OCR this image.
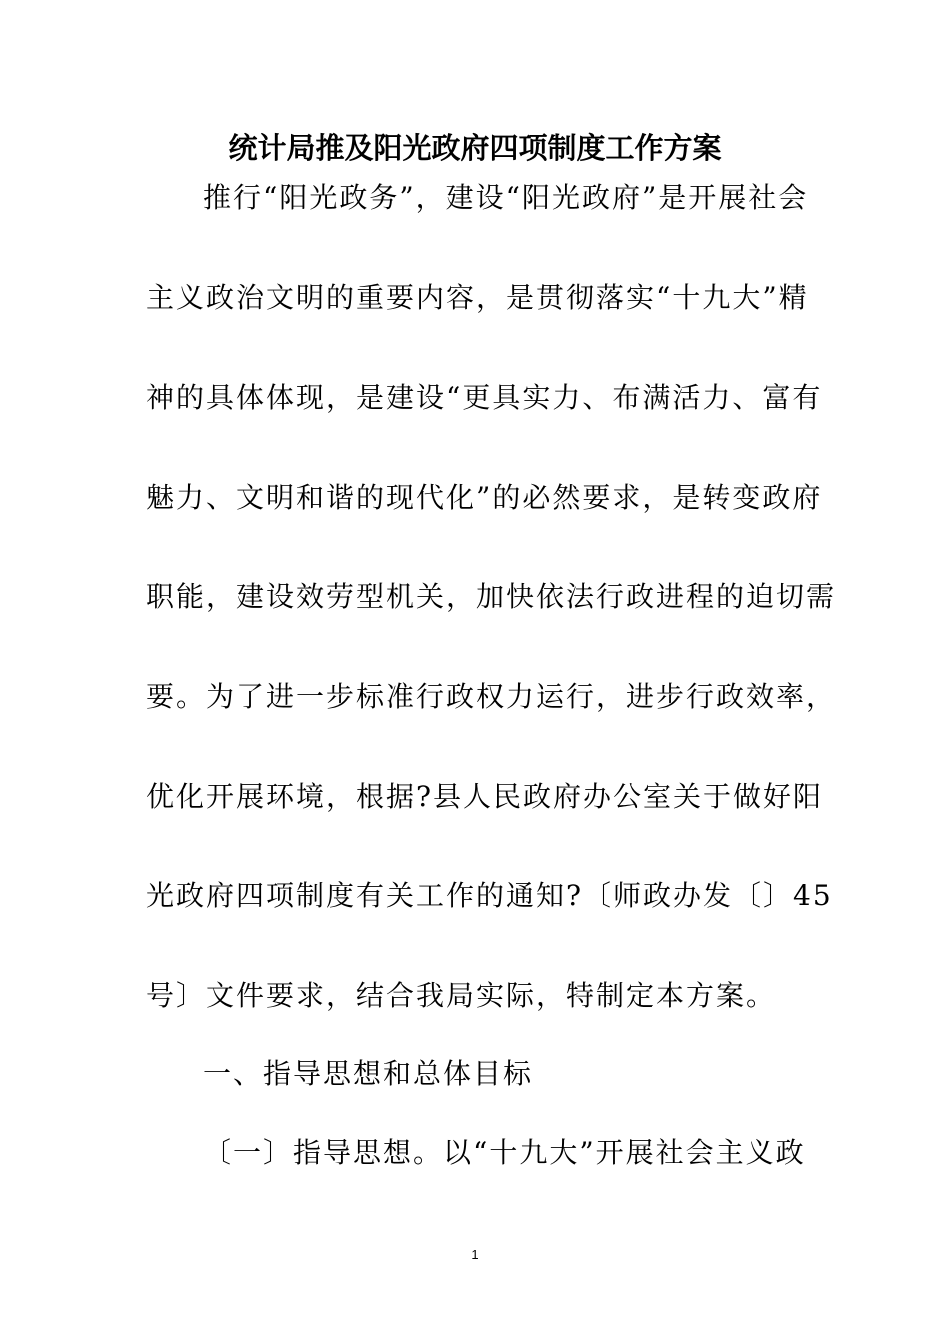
统计局推及阳光政府四项制度工作方案
推行“阳光政务”，建设“阳光政府”是开展社会
主义政治文明的重要内容，是贯彻落实“十九大”精
神的具体体现，是建设“更具实力、布满活力、富有
魅力、文明和谐的现代化”的必然要求，是转变政府
职能，建设效劳型机关，加快依法行政进程的迫切需
要。为了进一步标准行政权力运行，进步行政效率，
优化开展环境，根据?县人民政府办公室关于做好阳
光政府四项制度有关工作的通知?〔师政办发〔〕45
号〕文件要求，结合我局实际，特制定本方案。
一、指导思想和总体目标
〔一〕指导思想。以“十九大”开展社会主义政
1
